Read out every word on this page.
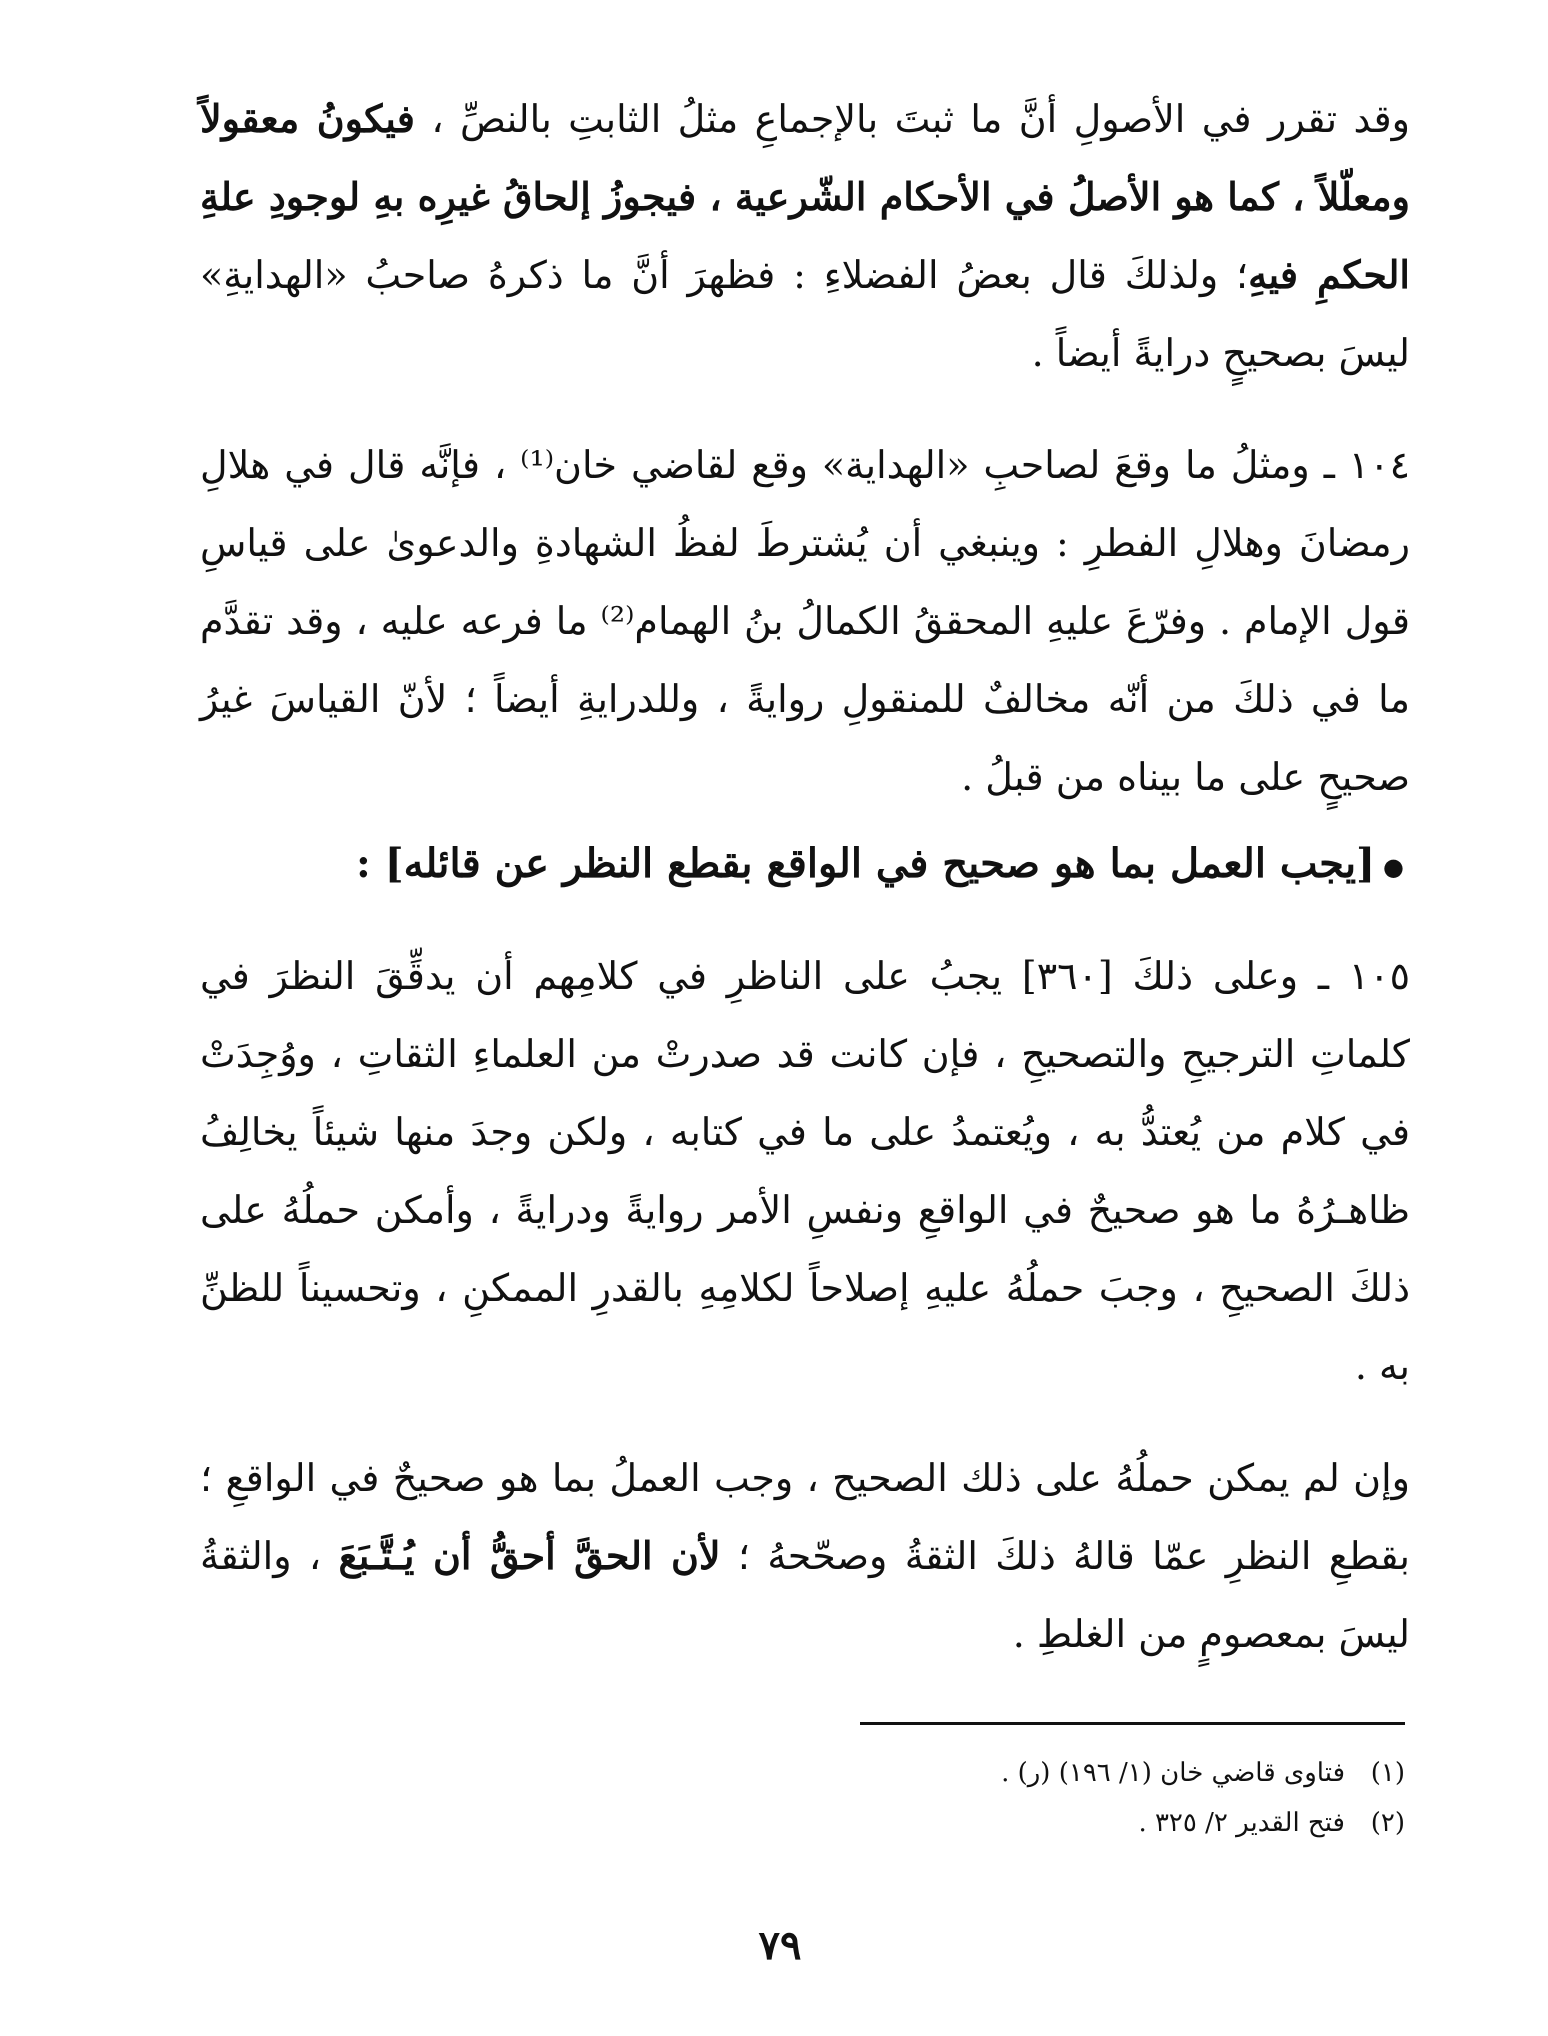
وقد تقرر في الأصولِ أنَّ ما ثبتَ بالإجماعِ مثلُ الثابتِ بالنصِّ ، فيكونُ معقولاً ومعلّلاً ، كما هو الأصلُ في الأحكام الشّرعية ، فيجوزُ إلحاقُ غيرِه بهِ لوجودِ علةِ الحكمِ فيهِ؛ ولذلكَ قال بعضُ الفضلاءِ : فظهرَ أنَّ ما ذكرهُ صاحبُ «الهدايةِ» ليسَ بصحيحٍ درايةً أيضاً .

١٠٤ ـ ومثلُ ما وقعَ لصاحبِ «الهداية» وقع لقاضي خان⁽¹⁾ ، فإنَّه قال في هلالِ رمضانَ وهلالِ الفطرِ : وينبغي أن يُشترطَ لفظُ الشهادةِ والدعوىٰ على قياسِ قول الإمام . وفرّعَ عليهِ المحققُ الكمالُ بنُ الهمام⁽²⁾ ما فرعه عليه ، وقد تقدَّم ما في ذلكَ من أنّه مخالفٌ للمنقولِ روايةً ، وللدرايةِ أيضاً ؛ لأنّ القياسَ غيرُ صحيحٍ على ما بيناه من قبلُ .

●[يجب العمل بما هو صحيح في الواقع بقطع النظر عن قائله] :

١٠٥ ـ وعلى ذلكَ [٣٦٠] يجبُ على الناظرِ في كلامِهم أن يدقِّقَ النظرَ في كلماتِ الترجيحِ والتصحيحِ ، فإن كانت قد صدرتْ من العلماءِ الثقاتِ ، ووُجِدَتْ في كلام من يُعتدُّ به ، ويُعتمدُ على ما في كتابه ، ولكن وجدَ منها شيئاً يخالِفُ ظاهـرُهُ ما هو صحيحٌ في الواقعِ ونفسِ الأمر روايةً ودرايةً ، وأمكن حملُهُ على ذلكَ الصحيحِ ، وجبَ حملُهُ عليهِ إصلاحاً لكلامِهِ بالقدرِ الممكنِ ، وتحسيناً للظنِّ به .

وإن لم يمكن حملُهُ على ذلك الصحيح ، وجب العملُ بما هو صحيحٌ في الواقعِ ؛ بقطعِ النظرِ عمّا قالهُ ذلكَ الثقةُ وصحّحهُ ؛ لأن الحقَّ أحقُّ أن يُـتَّـبَعَ ، والثقةُ ليسَ بمعصومٍ من الغلطِ .

(١)فتاوى قاضي خان (١/ ١٩٦) (ر) .

(٢)فتح القدير ٢/ ٣٢٥ .

٧٩
